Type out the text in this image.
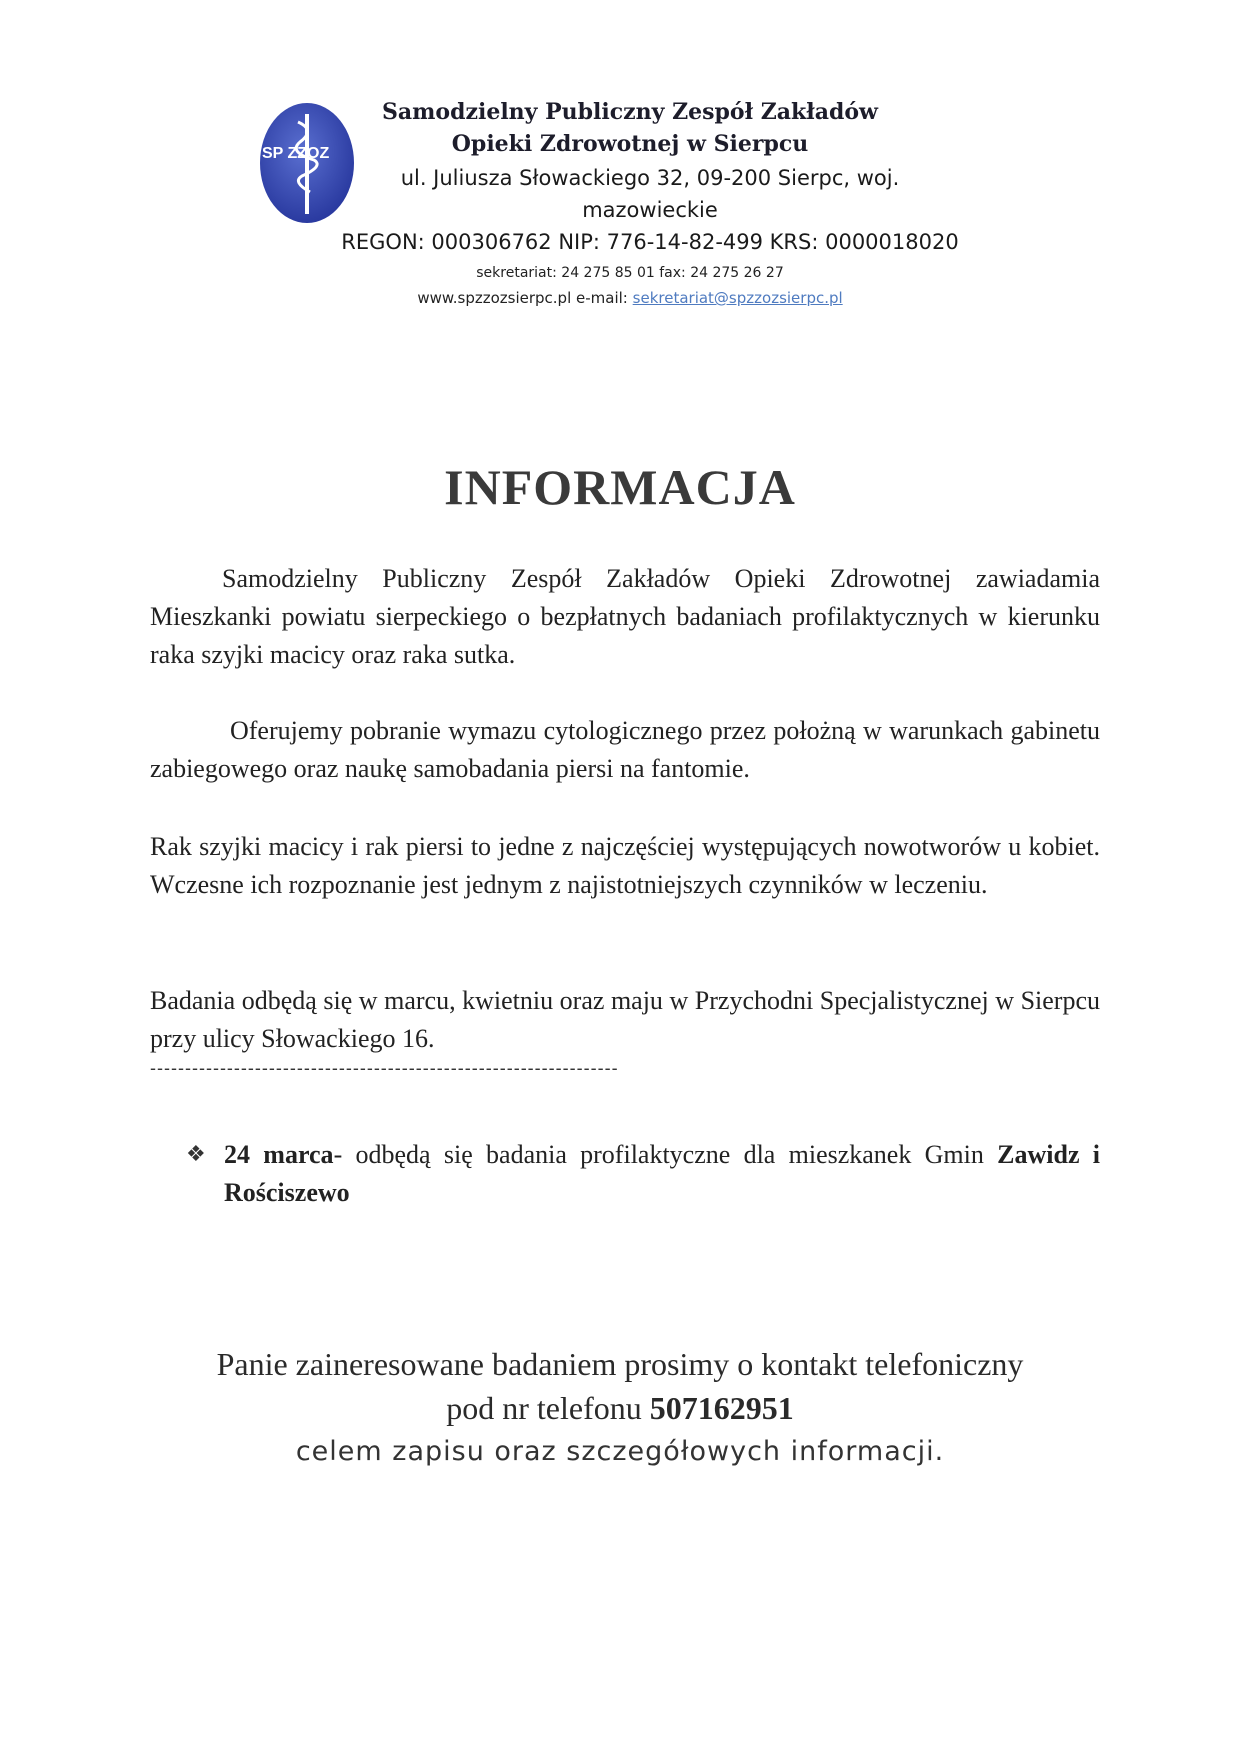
SP ZZOZ
Samodzielny Publiczny Zespół Zakładów
Opieki Zdrowotnej w Sierpcu
ul. Juliusza Słowackiego 32, 09-200 Sierpc, woj. mazowieckie
REGON: 000306762 NIP: 776-14-82-499 KRS: 0000018020
sekretariat: 24 275 85 01 fax: 24 275 26 27
www.spzzozsierpc.pl e-mail: sekretariat@spzzozsierpc.pl
INFORMACJA
Samodzielny Publiczny Zespół Zakładów Opieki Zdrowotnej zawiadamia Mieszkanki powiatu sierpeckiego o bezpłatnych badaniach profilaktycznych w kierunku raka szyjki macicy oraz raka sutka.
Oferujemy pobranie wymazu cytologicznego przez położną w warunkach gabinetu zabiegowego oraz naukę samobadania piersi na fantomie.
Rak szyjki macicy i rak piersi to jedne z najczęściej występujących nowotworów u kobiet. Wczesne ich rozpoznanie jest jednym z najistotniejszych czynników w leczeniu.
Badania odbędą się w marcu, kwietniu oraz maju w Przychodni Specjalistycznej w Sierpcu przy ulicy Słowackiego 16.
-------------------------------------------------------------------
❖ 24 marca- odbędą się badania profilaktyczne dla mieszkanek Gmin Zawidz i Rościszewo
Panie zaineresowane badaniem prosimy o kontakt telefoniczny
pod nr telefonu 507162951
celem zapisu oraz szczegółowych informacji.
